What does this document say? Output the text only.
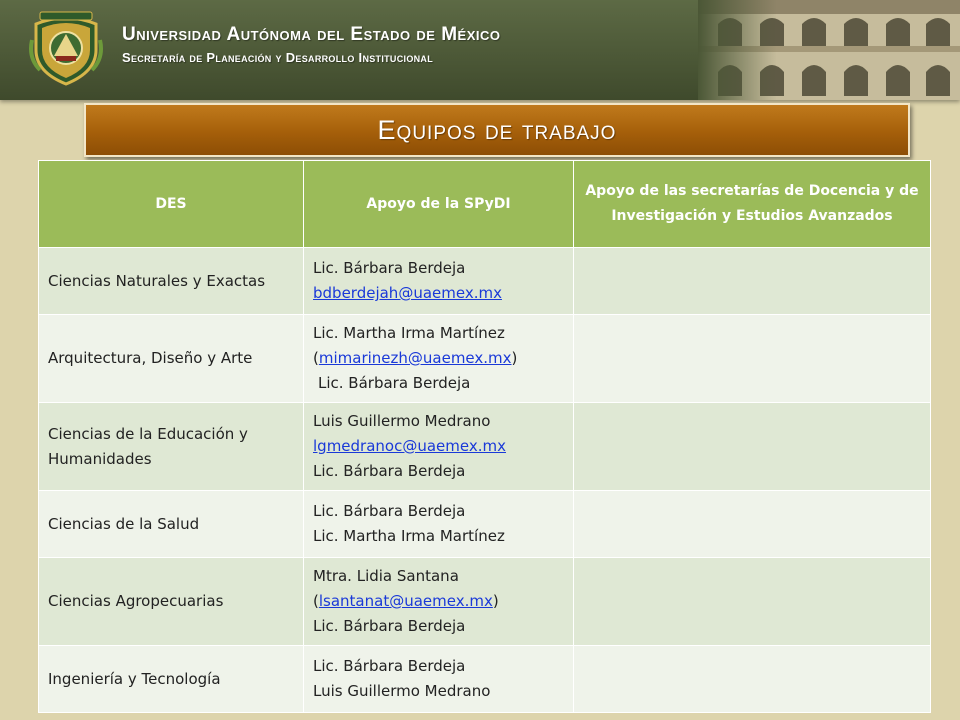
Universidad Autónoma del Estado de México
Secretaría de Planeación y Desarrollo Institucional
Equipos de trabajo
DES	Apoyo de la SPyDI	Apoyo de las secretarías de Docencia y de Investigación y Estudios Avanzados
Ciencias Naturales y Exactas	Lic. Bárbara Berdeja
bdberdejah@uaemex.mx	

Arquitectura, Diseño y Arte	Lic. Martha Irma Martínez
(mimarinezh@uaemex.mx)
Lic. Bárbara Berdeja	

Ciencias de la Educación y Humanidades	Luis Guillermo Medrano
lgmedranoc@uaemex.mx
Lic. Bárbara Berdeja	

Ciencias de la Salud	Lic. Bárbara Berdeja
Lic. Martha Irma Martínez	

Ciencias Agropecuarias	Mtra. Lidia Santana
(lsantanat@uaemex.mx)
Lic. Bárbara Berdeja	

Ingeniería y Tecnología	Lic. Bárbara Berdeja
Luis Guillermo Medrano	
